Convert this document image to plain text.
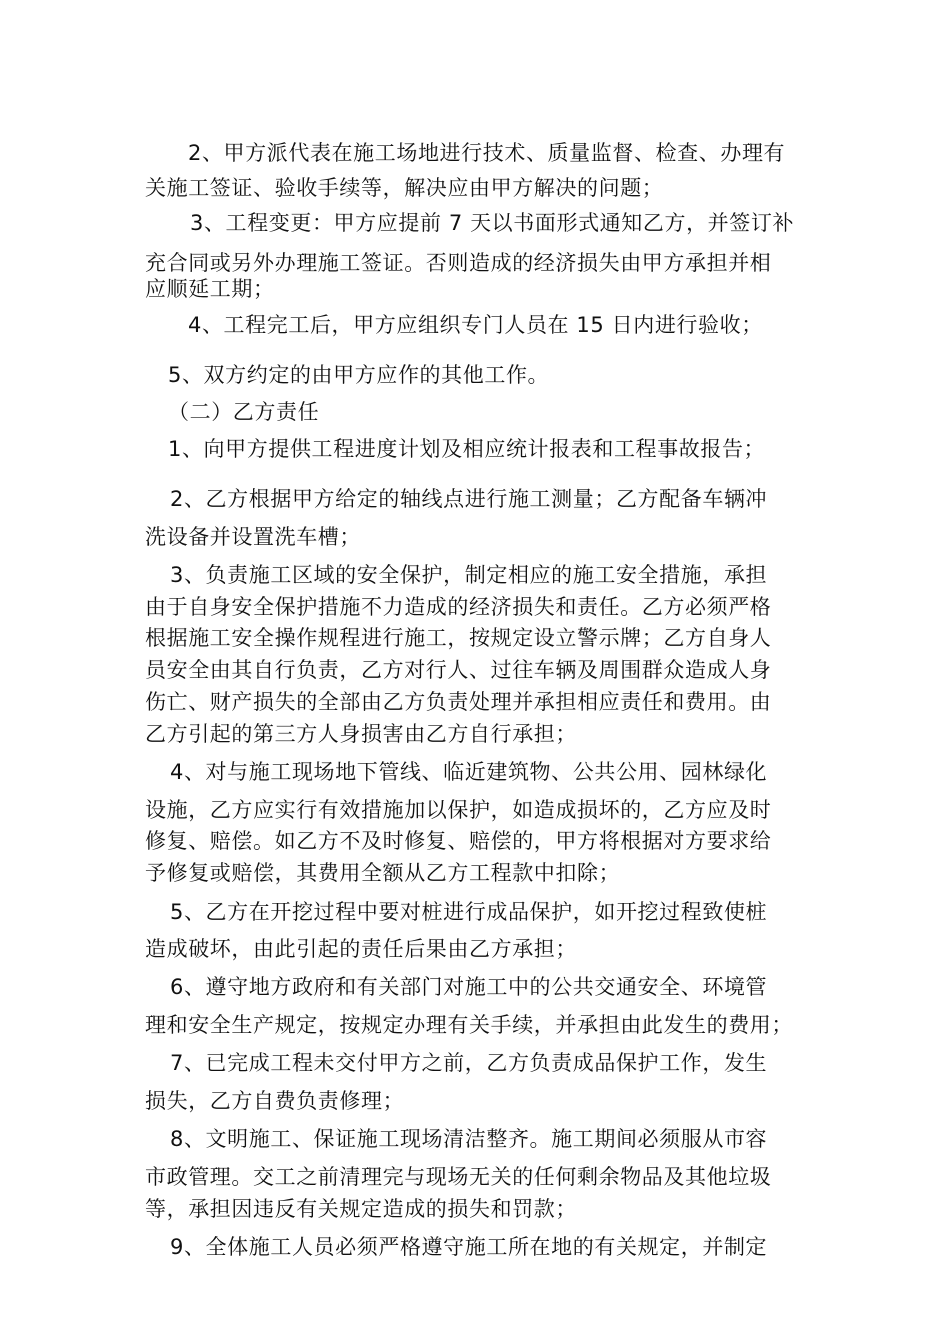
2、甲方派代表在施工场地进行技术、质量监督、检查、办理有
关施工签证、验收手续等，解决应由甲方解决的问题；
3、工程变更：甲方应提前 7 天以书面形式通知乙方，并签订补
充合同或另外办理施工签证。否则造成的经济损失由甲方承担并相
应顺延工期；
4、工程完工后，甲方应组织专门人员在 15 日内进行验收；
5、双方约定的由甲方应作的其他工作。
（二）乙方责任
1、向甲方提供工程进度计划及相应统计报表和工程事故报告；
2、乙方根据甲方给定的轴线点进行施工测量；乙方配备车辆冲
洗设备并设置洗车槽；
3、负责施工区域的安全保护，制定相应的施工安全措施，承担
由于自身安全保护措施不力造成的经济损失和责任。乙方必须严格
根据施工安全操作规程进行施工，按规定设立警示牌；乙方自身人
员安全由其自行负责，乙方对行人、过往车辆及周围群众造成人身
伤亡、财产损失的全部由乙方负责处理并承担相应责任和费用。由
乙方引起的第三方人身损害由乙方自行承担；
4、对与施工现场地下管线、临近建筑物、公共公用、园林绿化
设施，乙方应实行有效措施加以保护，如造成损坏的，乙方应及时
修复、赔偿。如乙方不及时修复、赔偿的，甲方将根据对方要求给
予修复或赔偿，其费用全额从乙方工程款中扣除；
5、乙方在开挖过程中要对桩进行成品保护，如开挖过程致使桩
造成破坏，由此引起的责任后果由乙方承担；
6、遵守地方政府和有关部门对施工中的公共交通安全、环境管
理和安全生产规定，按规定办理有关手续，并承担由此发生的费用；
7、已完成工程未交付甲方之前，乙方负责成品保护工作，发生
损失，乙方自费负责修理；
8、文明施工、保证施工现场清洁整齐。施工期间必须服从市容
市政管理。交工之前清理完与现场无关的任何剩余物品及其他垃圾
等，承担因违反有关规定造成的损失和罚款；
9、全体施工人员必须严格遵守施工所在地的有关规定，并制定
